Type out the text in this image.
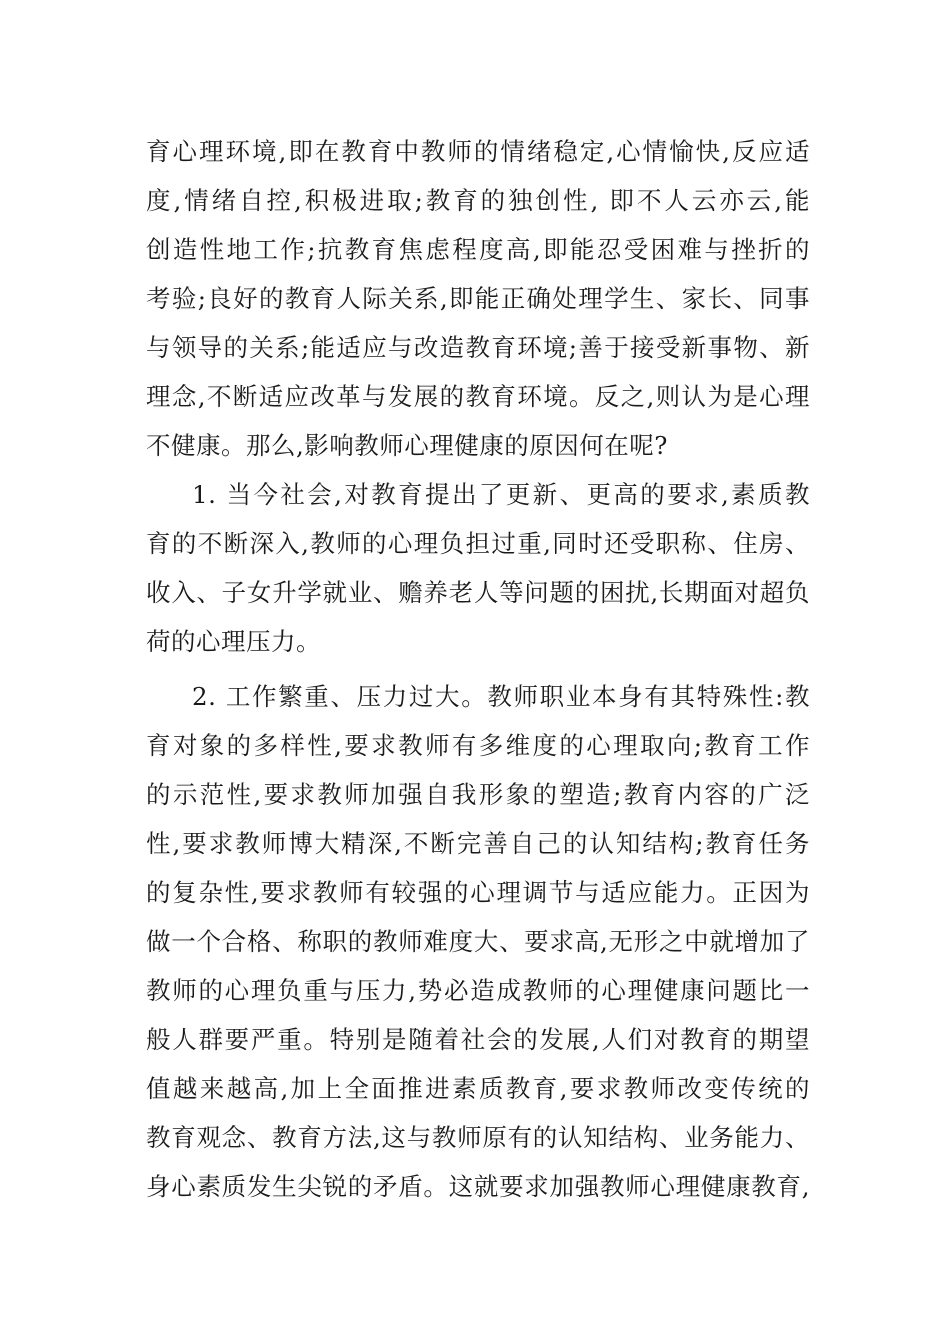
育心理环境,即在教育中教师的情绪稳定,心情愉快,反应适
度,情绪自控,积极进取;教育的独创性, 即不人云亦云,能
创造性地工作;抗教育焦虑程度高,即能忍受困难与挫折的
考验;良好的教育人际关系,即能正确处理学生、家长、同事
与领导的关系;能适应与改造教育环境;善于接受新事物、新
理念,不断适应改革与发展的教育环境。反之,则认为是心理
不健康。那么,影响教师心理健康的原因何在呢?
1. 当今社会,对教育提出了更新、更高的要求,素质教
育的不断深入,教师的心理负担过重,同时还受职称、住房、
收入、子女升学就业、赡养老人等问题的困扰,长期面对超负
荷的心理压力。
2. 工作繁重、压力过大。教师职业本身有其特殊性:教
育对象的多样性,要求教师有多维度的心理取向;教育工作
的示范性,要求教师加强自我形象的塑造;教育内容的广泛
性,要求教师博大精深,不断完善自己的认知结构;教育任务
的复杂性,要求教师有较强的心理调节与适应能力。正因为
做一个合格、称职的教师难度大、要求高,无形之中就增加了
教师的心理负重与压力,势必造成教师的心理健康问题比一
般人群要严重。特别是随着社会的发展,人们对教育的期望
值越来越高,加上全面推进素质教育,要求教师改变传统的
教育观念、教育方法,这与教师原有的认知结构、业务能力、
身心素质发生尖锐的矛盾。这就要求加强教师心理健康教育,
